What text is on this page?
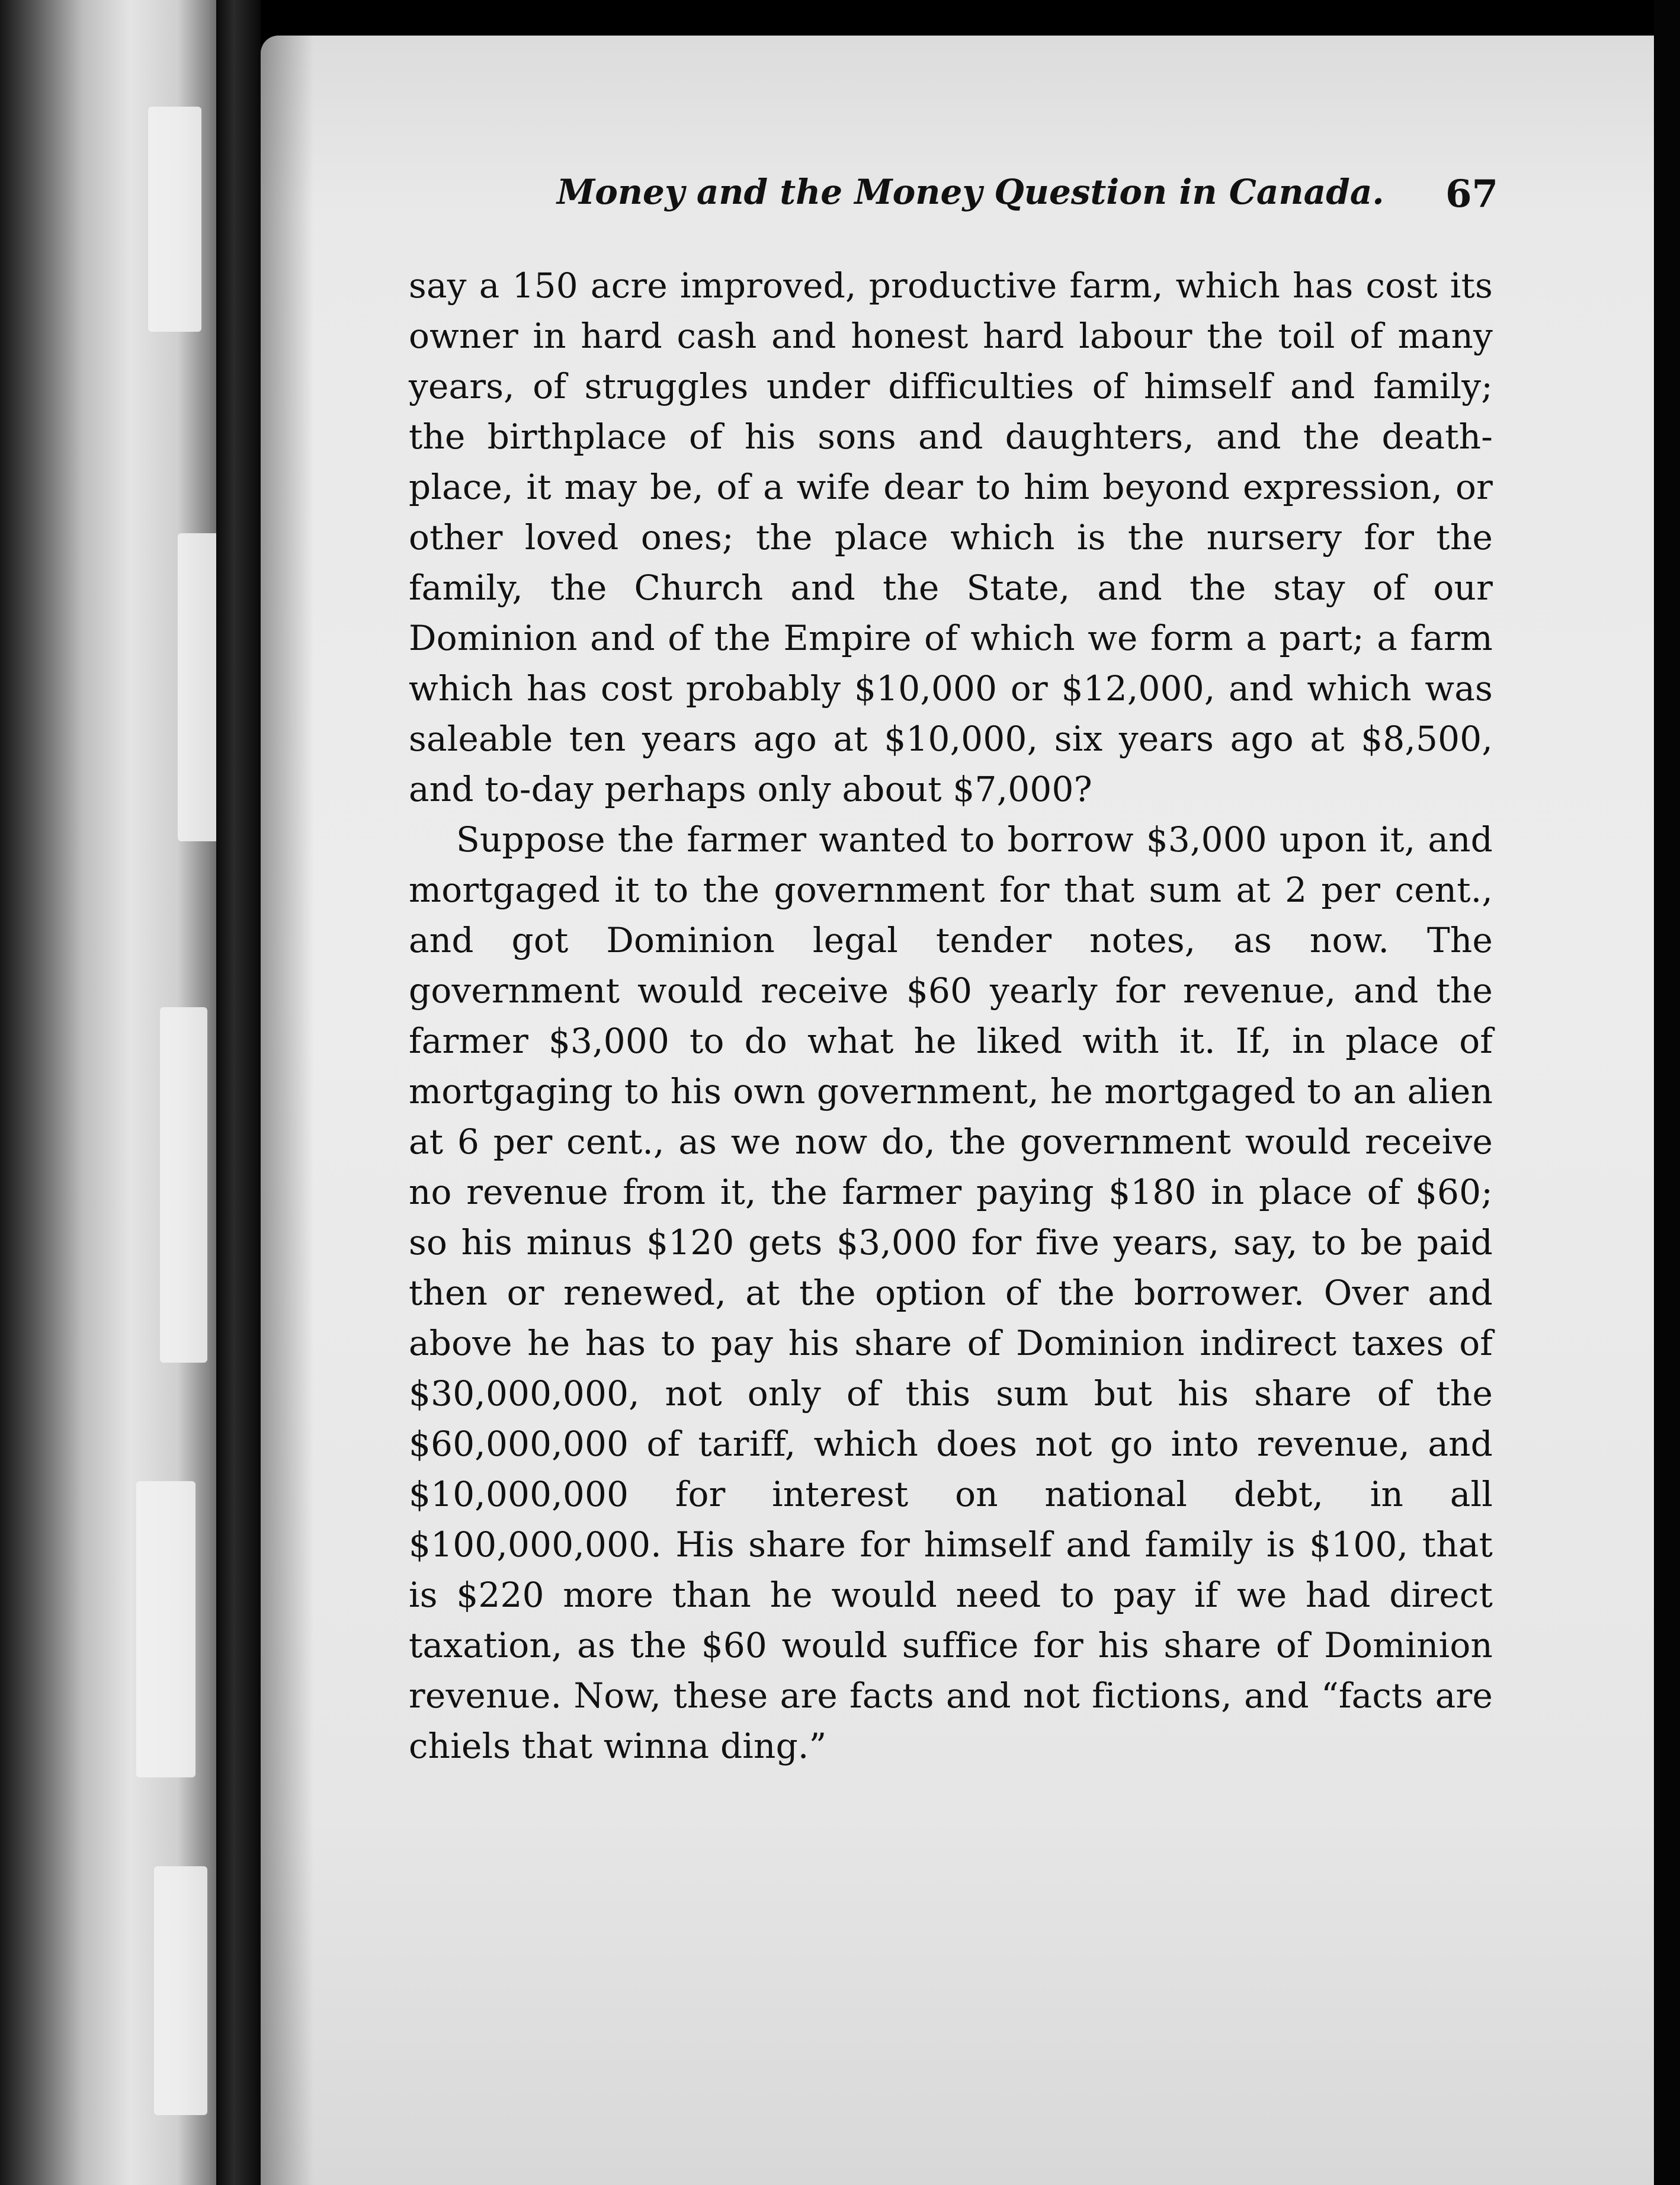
Money and the Money Question in Canada.	67

say a 150 acre improved, productive farm, which has cost its owner in hard cash and honest hard labour the toil of many years, of struggles under difficulties of himself and family; the birthplace of his sons and daughters, and the death-place, it may be, of a wife dear to him beyond expression, or other loved ones; the place which is the nursery for the family, the Church and the State, and the stay of our Dominion and of the Empire of which we form a part; a farm which has cost probably $10,000 or $12,000, and which was saleable ten years ago at $10,000, six years ago at $8,500, and to-day perhaps only about $7,000?

Suppose the farmer wanted to borrow $3,000 upon it, and mortgaged it to the government for that sum at 2 per cent., and got Dominion legal tender notes, as now. The government would receive $60 yearly for revenue, and the farmer $3,000 to do what he liked with it. If, in place of mortgaging to his own government, he mortgaged to an alien at 6 per cent., as we now do, the government would receive no revenue from it, the farmer paying $180 in place of $60; so his minus $120 gets $3,000 for five years, say, to be paid then or renewed, at the option of the borrower. Over and above he has to pay his share of Dominion indirect taxes of $30,000,000, not only of this sum but his share of the $60,000,000 of tariff, which does not go into revenue, and $10,000,000 for interest on national debt, in all $100,000,000. His share for himself and family is $100, that is $220 more than he would need to pay if we had direct taxation, as the $60 would suffice for his share of Dominion revenue. Now, these are facts and not fictions, and “facts are chiels that winna ding.”
